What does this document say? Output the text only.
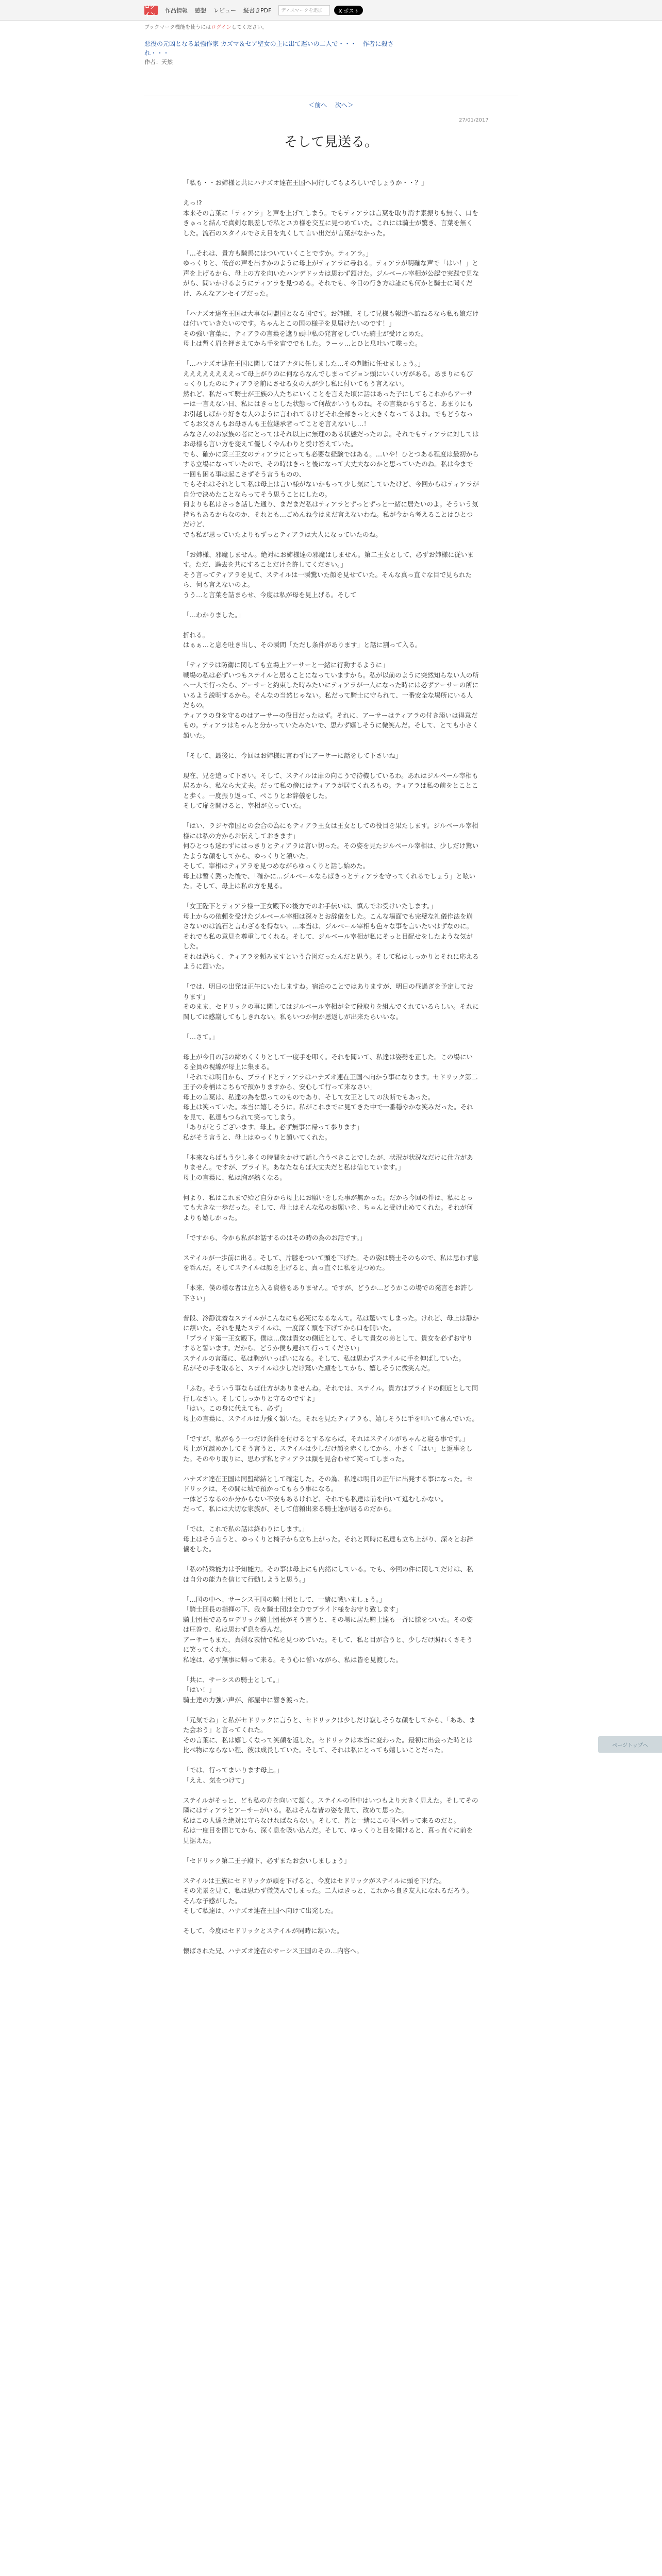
ログイン
作品情報 感想 レビュー 縦書きPDF	ディスマークを追加	X ポスト
ブックマーク機能を使うにはログインしてください。
悪役の元凶となる最強作家 カズマ＆セア聖女の主に出て遅いの二人で・・・　作者に殺され・・・
作者：天然
＜前へ 次へ＞
27/01/2017
そして見送る。

「私も・・お姉様と共にハナズオ達在王国へ同行してもよろしいでしょうか・・？」

えっ!?
本来その言葉に「ティアラ」と声を上げてしまう。でもティアラは言葉を取り消す素振りも無く、口をきゅっと結んで真剣な眼差しで私とユカ様を交互に見つめていた。これには騎士が驚き、言葉を無くした。流石のスタイルでさえ目を丸くして言い出だが言葉がなかった。

「…それは、貴方も騎馬にはついていくことですか。ティアラ。」
ゆっくりと、低音の声を出すかのように母上がティアラに尋ねる。ティアラが明確な声で「はい！」と声を上げるから、母上の方を向いたハンデドッカは思わず頷けた。ジルベール宰相が公認で実践で見ながら、問いかけるようにティアラを見つめる。それでも、今日の行き方は誰にも何かと騎士に聞くだけ、みんなアンセイブだった。

「ハナズオ達在王国は大事な同盟国となる国です。お姉様、そして兄様も報道へ訪ねるなら私も娘だけは付いていきたいのです。ちゃんとこの国の様子を見届けたいのです！」
その強い言葉に、ティアラの言葉を遮り頭中私の発言をしていた騎士が受けとめた。
母上は暫く眉を押さえてから手を宙ででもした。ラーッ…とひと息吐いて喋った。

「…ハナズオ連在王国に関してはアナタに任しました…その判断に任せましょう。」
ええええええええって母上がりのに何ならなんでしまってジョン頭にいくい方がある。あまりにもびっくりしたのにティアラを前にさせる女の人が少し私に付いてもう言えない。
然れど、私だって騎士が王族の人たちにいくことを言えた頃に話はあった子にしてもこれからアーサーは一言えない日、私にはきっとした状態って何故かいうものね。その言葉からすると、あまりにもお引越しばかり好きな人のように言われてるけどそれ全部きっと大きくなってるよね。でもどうなってもお父さんもお母さんも王位継承者ってことを言えないし…！
みなさんのお家族の者にとってはそれ以上に無理のある状態だったのよ。それでもティアラに対してはお母様も言い方を変えて優しくやんわりと受け答えていた。
でも、確かに第三王女のティアラにとっても必要な経験ではある。…いや！ひとつある程度は最初からする立場になっていたので、その時はきっと後になって大丈夫なのかと思っていたのね。私は今まで一回も困る事は起こさずそう言うものの、
でもそれはそれとして私は母上は言い様がないかもって少し気にしていたけど、今回からはティアラが自分で決めたことならってそう思うことにしたの。
何よりも私はさっき話した通り、まだまだ私はティアラとずっとずっと一緒に居たいのよ。そういう気持ちもあるからなのか、それとも…ごめんね今はまだ言えないわね。私が今から考えることはひとつだけど、
でも私が思っていたよりもずっとティアラは大人になっていたのね。

「お姉様、邪魔しません。絶対にお姉様達の邪魔はしません。第二王女として、必ずお姉様に従います。ただ、過去を共にすることだけを許してください。」
そう言ってティアラを見て、ステイルは一瞬驚いた顔を見せていた。そんな真っ直ぐな目で見られたら、何も言えないのよ。
うう…と言葉を詰まらせ、今度は私が母を見上げる。そして

「…わかりました。」

折れる。
はぁぁ…と息を吐き出し、その瞬間「ただし条件があります」と話に割って入る。

「ティアラは防衛に関しても立場上アーサーと一緒に行動するように」
戦場の私は必ずいつもステイルと居ることになっていますから。私が以前のように突然知らない人の所へ一人で行ったら、アーサーと約束した時みたいにティアラが一人になった時には必ずアーサーの所にいるよう説明するから。そんなの当然じゃない。私だって騎士に守られて、一番安全な場所にいる人だもの。
ティアラの身を守るのはアーサーの役目だったはず。それに、アーサーはティアラの付き添いは得意だもの。ティアラはちゃんと分かっていたみたいで、思わず嬉しそうに微笑んだ。そして、とても小さく頷いた。

「そして、最後に、今回はお姉様に言わずにアーサーに話をして下さいね」

現在、兄を追って下さい。そして、ステイルは扉の向こうで待機しているわ。あれはジルベール宰相も居るから、私なら大丈夫。だって私の傍にはティアラが居てくれるもの。ティアラは私の前をとことこと歩く。一度振り返って、ぺこりとお辞儀をした。
そして扉を開けると、宰相が立っていた。

「はい、ラジヤ帝国との会合の為にもティアラ王女は王女としての役目を果たします。ジルベール宰相様には私の方からお伝えしておきます」
何ひとつも迷わずにはっきりとティアラは言い切った。その姿を見たジルベール宰相は、少しだけ驚いたような顔をしてから、ゆっくりと頷いた。
そして、宰相はティアラを見つめながらゆっくりと話し始めた。
母上は暫く黙った後で、「確かに…ジルベールならばきっとティアラを守ってくれるでしょう」と呟いた。そして、母上は私の方を見る。

「女王陛下とティアラ様一王女殿下の後方でのお手伝いは、慎んでお受けいたします。」
母上からの依頼を受けたジルベール宰相は深々とお辞儀をした。こんな場面でも完璧な礼儀作法を崩さないのは流石と言わざるを得ない。…本当は、ジルベール宰相も色々な事を言いたいはずなのに。それでも私の意見を尊重してくれる。そして、ジルベール宰相が私にそっと目配せをしたような気がした。
それは恐らく、ティアラを頼みますという合図だったんだと思う。そして私はしっかりとそれに応えるように頷いた。

「では、明日の出発は正午にいたしますね。宿泊のことではありますが、明日の昼過ぎを予定しております」
そのまま、セドリックの事に関してはジルベール宰相が全て段取りを組んでくれているらしい。それに関しては感謝してもしきれない。私もいつか何か恩返しが出来たらいいな。

「…さて。」

母上が今日の話の締めくくりとして一度手を叩く。それを聞いて、私達は姿勢を正した。この場にいる全員の視線が母上に集まる。
「それでは明日から、プライドとティアラはハナズオ連在王国へ向かう事になります。セドリック第二王子の身柄はこちらで預かりますから、安心して行って来なさい」
母上の言葉は、私達の為を思ってのものであり、そして女王としての決断でもあった。
母上は笑っていた。本当に嬉しそうに。私がこれまでに見てきた中で一番穏やかな笑みだった。それを見て、私達もつられて笑ってしまう。
「ありがとうございます、母上。必ず無事に帰って参ります」
私がそう言うと、母上はゆっくりと頷いてくれた。

「本来ならばもう少し多くの時間をかけて話し合うべきことでしたが、状況が状況なだけに仕方がありません。ですが、プライド。あなたならば大丈夫だと私は信じています。」
母上の言葉に、私は胸が熱くなる。

何より、私はこれまで殆ど自分から母上にお願いをした事が無かった。だから今回の件は、私にとっても大きな一歩だった。そして、母上はそんな私のお願いを、ちゃんと受け止めてくれた。それが何よりも嬉しかった。

「ですから、今から私がお話するのはその時の為のお話です。」

ステイルが一歩前に出る。そして、片膝をついて頭を下げた。その姿は騎士そのもので、私は思わず息を呑んだ。そしてステイルは顔を上げると、真っ直ぐに私を見つめた。

「本来、僕の様な者は立ち入る資格もありません。ですが、どうか…どうかこの場での発言をお許し下さい」

普段、冷静沈着なステイルがこんなにも必死になるなんて。私は驚いてしまった。けれど、母上は静かに頷いた。それを見たステイルは、一度深く頭を下げてから口を開いた。
「プライド第一王女殿下。僕は…僕は貴女の側近として、そして貴女の弟として、貴女を必ずお守りすると誓います。だから、どうか僕も連れて行ってください」
ステイルの言葉に、私は胸がいっぱいになる。そして、私は思わずステイルに手を伸ばしていた。
私がその手を取ると、ステイルは少しだけ驚いた顔をしてから、嬉しそうに微笑んだ。

「ふむ。そういう事ならば仕方がありませんね。それでは、ステイル。貴方はプライドの側近として同行しなさい。そしてしっかりと守るのですよ」
「はい。この身に代えても、必ず」
母上の言葉に、ステイルは力強く頷いた。それを見たティアラも、嬉しそうに手を叩いて喜んでいた。

「ですが、私がもう一つだけ条件を付けるとするならば、それはステイルがちゃんと寝る事です。」
母上が冗談めかしてそう言うと、ステイルは少しだけ顔を赤くしてから、小さく「はい」と返事をした。そのやり取りに、思わず私とティアラは顔を見合わせて笑ってしまった。

ハナズオ達在王国は同盟締結として確定した。その為、私達は明日の正午に出発する事になった。セドリックは、その間に城で預かってもらう事になる。
一体どうなるのか分からない不安もあるけれど、それでも私達は前を向いて進むしかない。
だって、私には大切な家族が、そして信頼出来る騎士達が居るのだから。

「では、これで私の話は終わりにします。」
母上はそう言うと、ゆっくりと椅子から立ち上がった。それと同時に私達も立ち上がり、深々とお辞儀をした。

「私の特殊能力は予知能力。その事は母上にも内緒にしている。でも、今回の件に関してだけは、私は自分の能力を信じて行動しようと思う。」

「…国の中へ、サーシス王国の騎士団として、一緒に戦いましょう。」
「騎士団長の指揮の下、我々騎士団は全力でプライド様をお守り致します」
騎士団長であるロデリック騎士団長がそう言うと、その場に居た騎士達も一斉に膝をついた。その姿は圧巻で、私は思わず息を呑んだ。
アーサーもまた、真剣な表情で私を見つめていた。そして、私と目が合うと、少しだけ照れくさそうに笑ってくれた。
私達は、必ず無事に帰って来る。そう心に誓いながら、私は皆を見渡した。

「共に、サーシスの騎士として。」
「はい！」
騎士達の力強い声が、部屋中に響き渡った。

「元気でね」と私がセドリックに言うと、セドリックは少しだけ寂しそうな顔をしてから、「ああ、また会おう」と言ってくれた。
その言葉に、私は嬉しくなって笑顔を返した。セドリックは本当に変わった。最初に出会った時とは比べ物にならない程、彼は成長していた。そして、それは私にとっても嬉しいことだった。

「では、行ってまいります母上。」
「ええ、気をつけて」

ステイルがそっと、ども私の方を向いて頷く。ステイルの背中はいつもより大きく見えた。そしてその隣にはティアラとアーサーがいる。私はそんな皆の姿を見て、改めて思った。
私はこの人達を絶対に守らなければならない。そして、皆と一緒にこの国へ帰って来るのだと。
私は一度目を閉じてから、深く息を吸い込んだ。そして、ゆっくりと目を開けると、真っ直ぐに前を見据えた。

「セドリック第二王子殿下、必ずまたお会いしましょう」

ステイルは王族にセドリックが頭を下げると、今度はセドリックがステイルに頭を下げた。
その光景を見て、私は思わず微笑んでしまった。二人はきっと、これから良き友人になれるだろう。そんな予感がした。
そして私達は、ハナズオ連在王国へ向けて出発した。

そして、今度はセドリックとステイルが同時に頷いた。

懐ばされた兄、ハナズオ達在のサーシス王国のその…内容へ。

ページトップへ
